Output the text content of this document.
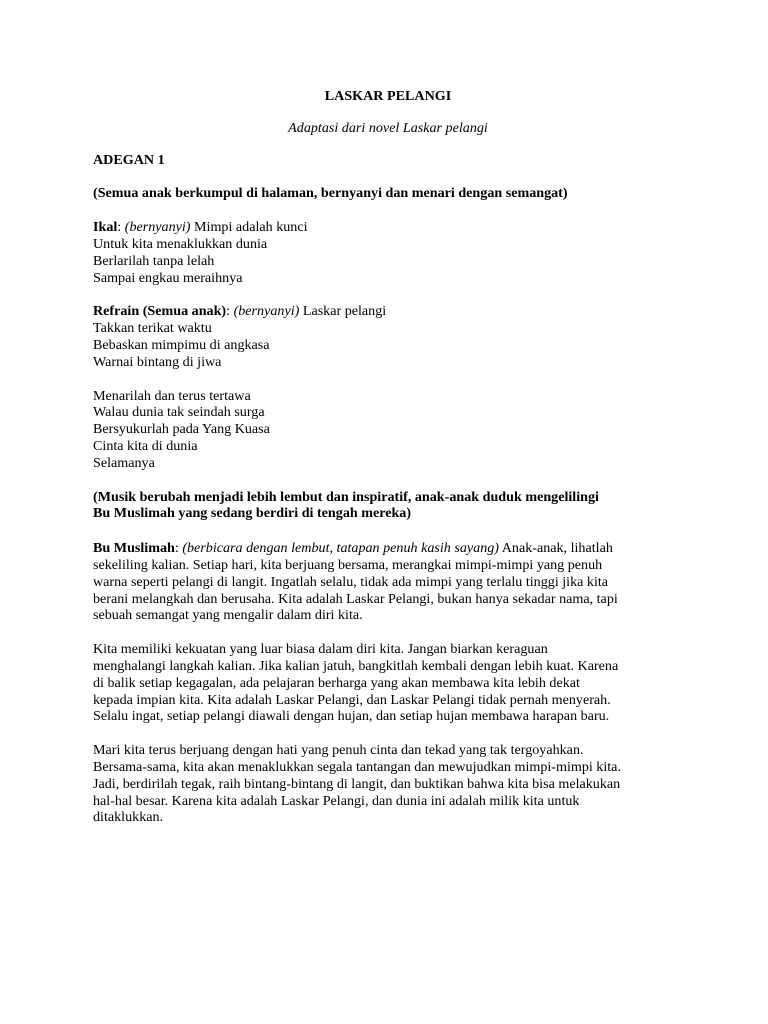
LASKAR PELANGI
Adaptasi dari novel Laskar pelangi
ADEGAN 1
(Semua anak berkumpul di halaman, bernyanyi dan menari dengan semangat)
Ikal: (bernyanyi) Mimpi adalah kunci
Untuk kita menaklukkan dunia
Berlarilah tanpa lelah
Sampai engkau meraihnya
Refrain (Semua anak): (bernyanyi) Laskar pelangi
Takkan terikat waktu
Bebaskan mimpimu di angkasa
Warnai bintang di jiwa
Menarilah dan terus tertawa
Walau dunia tak seindah surga
Bersyukurlah pada Yang Kuasa
Cinta kita di dunia
Selamanya
(Musik berubah menjadi lebih lembut dan inspiratif, anak-anak duduk mengelilingi
Bu Muslimah yang sedang berdiri di tengah mereka)
Bu Muslimah: (berbicara dengan lembut, tatapan penuh kasih sayang) Anak-anak, lihatlah
sekeliling kalian. Setiap hari, kita berjuang bersama, merangkai mimpi-mimpi yang penuh
warna seperti pelangi di langit. Ingatlah selalu, tidak ada mimpi yang terlalu tinggi jika kita
berani melangkah dan berusaha. Kita adalah Laskar Pelangi, bukan hanya sekadar nama, tapi
sebuah semangat yang mengalir dalam diri kita.
Kita memiliki kekuatan yang luar biasa dalam diri kita. Jangan biarkan keraguan
menghalangi langkah kalian. Jika kalian jatuh, bangkitlah kembali dengan lebih kuat. Karena
di balik setiap kegagalan, ada pelajaran berharga yang akan membawa kita lebih dekat
kepada impian kita. Kita adalah Laskar Pelangi, dan Laskar Pelangi tidak pernah menyerah.
Selalu ingat, setiap pelangi diawali dengan hujan, dan setiap hujan membawa harapan baru.
Mari kita terus berjuang dengan hati yang penuh cinta dan tekad yang tak tergoyahkan.
Bersama-sama, kita akan menaklukkan segala tantangan dan mewujudkan mimpi-mimpi kita.
Jadi, berdirilah tegak, raih bintang-bintang di langit, dan buktikan bahwa kita bisa melakukan
hal-hal besar. Karena kita adalah Laskar Pelangi, dan dunia ini adalah milik kita untuk
ditaklukkan.
